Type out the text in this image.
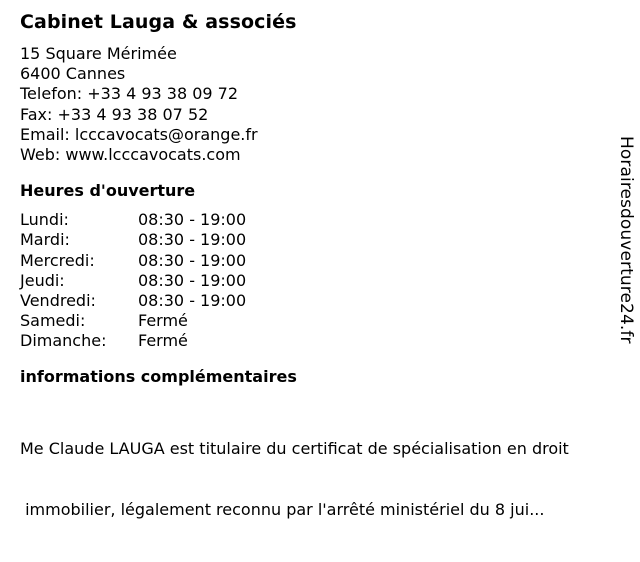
Cabinet Lauga & associés
15 Square Mérimée
6400 Cannes
Telefon: +33 4 93 38 09 72
Fax: +33 4 93 38 07 52
Email: lcccavocats@orange.fr
Web: www.lcccavocats.com
Heures d'ouverture
Lundi:	08:30 - 19:00
Mardi:	08:30 - 19:00
Mercredi:	08:30 - 19:00
Jeudi:	08:30 - 19:00
Vendredi:	08:30 - 19:00
Samedi:	Fermé
Dimanche:	Fermé
informations complémentaires

Me Claude LAUGA est titulaire du certificat de spécialisation en droit

immobilier, légalement reconnu par l'arrêté ministériel du 8 jui...

Horairesdouverture24.fr
